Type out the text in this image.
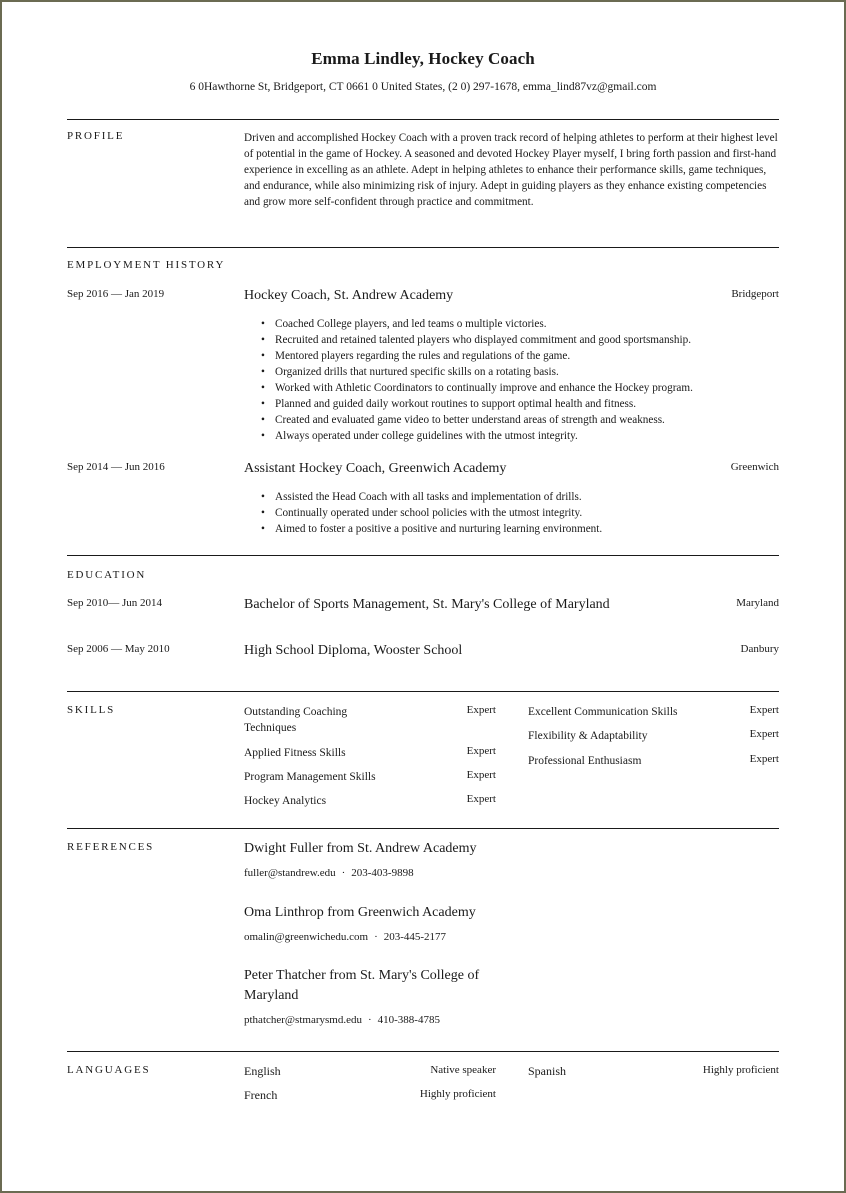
Emma Lindley, Hockey Coach
6 0Hawthorne St, Bridgeport, CT 0661 0 United States, (2 0) 297-1678, emma_lind87vz@gmail.com
PROFILE	Driven and accomplished Hockey Coach with a proven track record of helping athletes to perform at their highest level of potential in the game of Hockey. A seasoned and devoted Hockey Player myself, I bring forth passion and first-hand experience in excelling as an athlete. Adept in helping athletes to enhance their performance skills, game techniques, and endurance, while also minimizing risk of injury. Adept in guiding players as they enhance existing competencies and grow more self-confident through practice and commitment.
EMPLOYMENT HISTORY
Sep 2016 — Jan 2019	Hockey Coach, St. Andrew Academy	Bridgeport
• Coached College players, and led teams o multiple victories.
• Recruited and retained talented players who displayed commitment and good sportsmanship.
• Mentored players regarding the rules and regulations of the game.
• Organized drills that nurtured specific skills on a rotating basis.
• Worked with Athletic Coordinators to continually improve and enhance the Hockey program.
• Planned and guided daily workout routines to support optimal health and fitness.
• Created and evaluated game video to better understand areas of strength and weakness.
• Always operated under college guidelines with the utmost integrity.
Sep 2014 — Jun 2016	Assistant Hockey Coach, Greenwich Academy	Greenwich
• Assisted the Head Coach with all tasks and implementation of drills.
• Continually operated under school policies with the utmost integrity.
• Aimed to foster a positive a positive and nurturing learning environment.
EDUCATION
Sep 2010— Jun 2014	Bachelor of Sports Management, St. Mary's College of Maryland	Maryland
Sep 2006 — May 2010	High School Diploma, Wooster School	Danbury
SKILLS	Outstanding Coaching Techniques
Expert
Applied Fitness Skills	Expert
Program Management Skills	Expert
Hockey Analytics	Expert
Excellent Communication Skills	Expert
Flexibility & Adaptability	Expert
Professional Enthusiasm	Expert
REFERENCES	Dwight Fuller from St. Andrew Academy
fuller@standrew.edu · 203-403-9898
Oma Linthrop from Greenwich Academy
omalin@greenwichedu.com · 203-445-2177
Peter Thatcher from St. Mary's College of Maryland
pthatcher@stmarysmd.edu · 410-388-4785
LANGUAGES	English	Native speaker
French	Highly proficient
Spanish	Highly proficient
